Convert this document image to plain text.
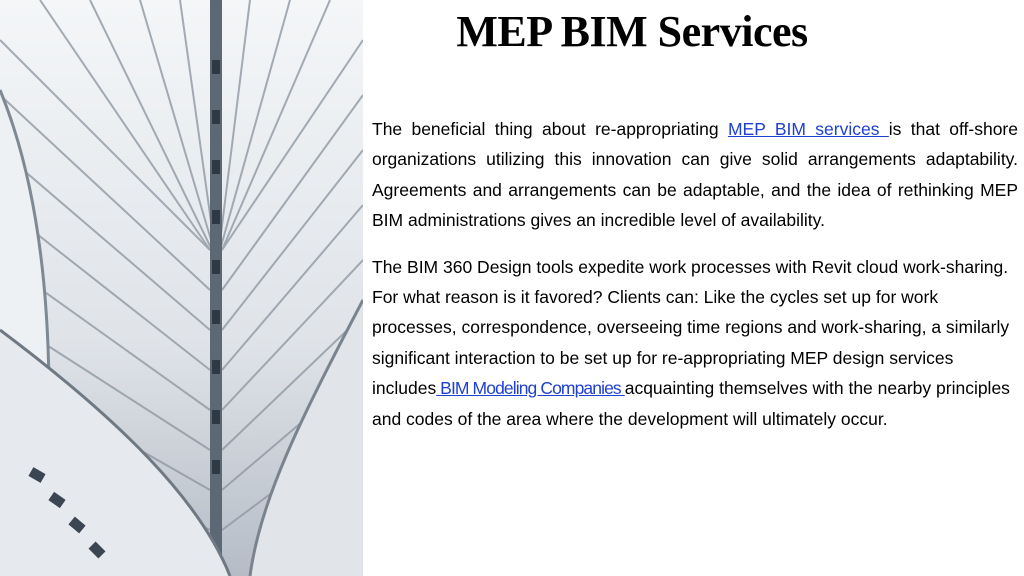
MEP BIM Services

The beneficial thing about re-appropriating MEP BIM services is that off-shore organizations utilizing this innovation can give solid arrangements adaptability. Agreements and arrangements can be adaptable, and the idea of rethinking MEP BIM administrations gives an incredible level of availability.

The BIM 360 Design tools expedite work processes with Revit cloud work-sharing. For what reason is it favored? Clients can: Like the cycles set up for work processes, correspondence, overseeing time regions and work-sharing, a similarly significant interaction to be set up for re-appropriating MEP design services includes BIM Modeling Companies acquainting themselves with the nearby principles and codes of the area where the development will ultimately occur.
